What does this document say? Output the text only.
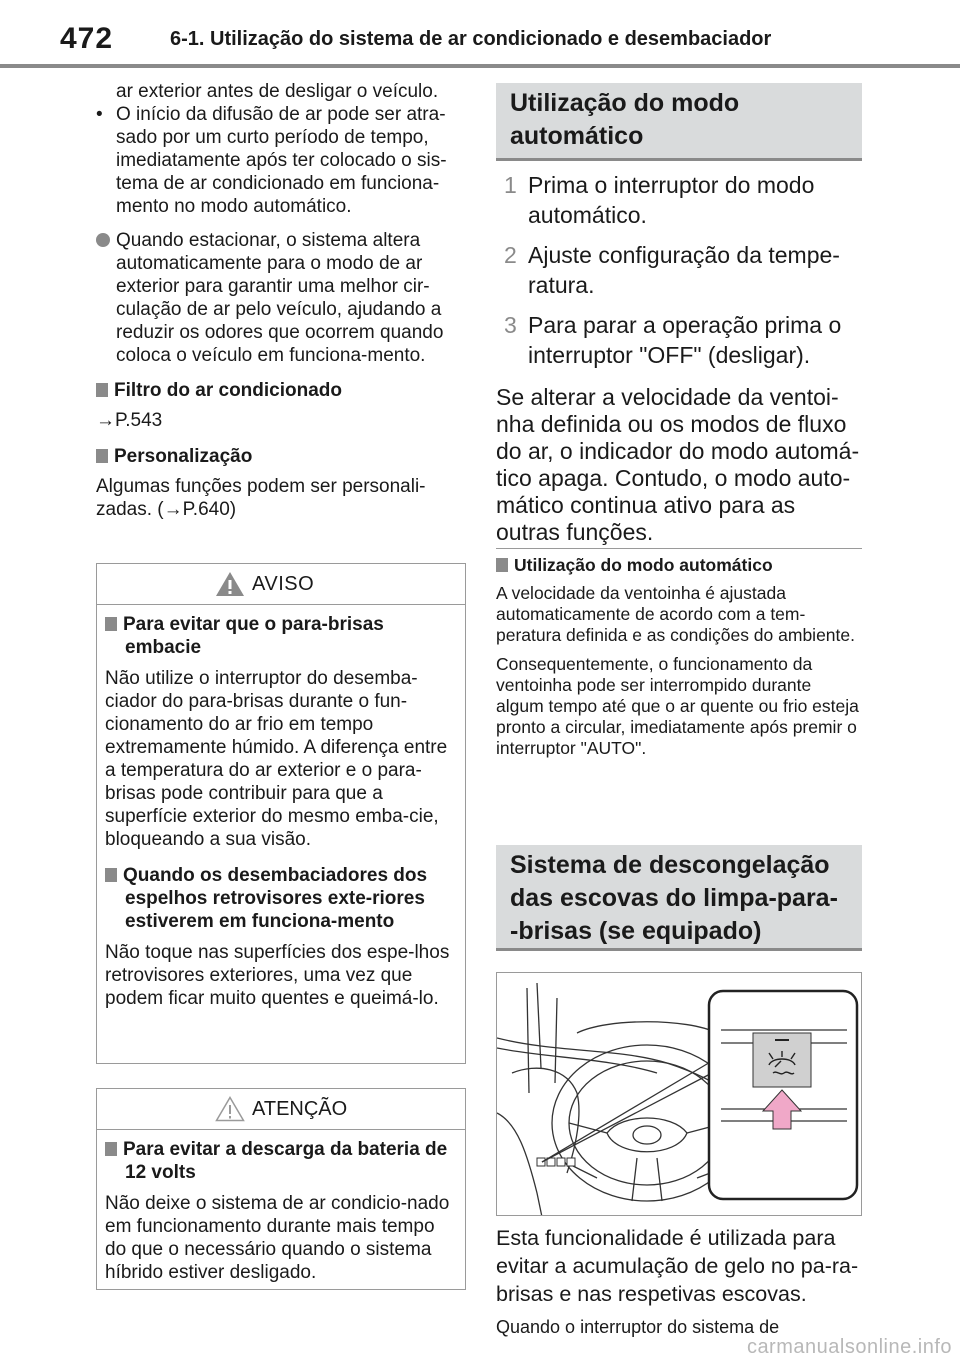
472	6-1. Utilização do sistema de ar condicionado e desembaciador

ar exterior antes de desligar o veículo.

• O início da difusão de ar pode ser atra-sado por um curto período de tempo, imediatamente após ter colocado o sis-tema de ar condicionado em funciona-mento no modo automático.

Quando estacionar, o sistema altera automaticamente para o modo de ar exterior para garantir uma melhor cir-culação de ar pelo veículo, ajudando a reduzir os odores que ocorrem quando coloca o veículo em funciona-mento.

Filtro do ar condicionado

→P.543

Personalização

Algumas funções podem ser personali-zadas. (→P.640)

AVISO

Para evitar que o para-brisas embacie

Não utilize o interruptor do desemba-ciador do para-brisas durante o fun-cionamento do ar frio em tempo extremamente húmido. A diferença entre a temperatura do ar exterior e o para-brisas pode contribuir para que a superfície exterior do mesmo emba-cie, bloqueando a sua visão.

Quando os desembaciadores dos espelhos retrovisores exte-riores estiverem em funciona-mento

Não toque nas superfícies dos espe-lhos retrovisores exteriores, uma vez que podem ficar muito quentes e queimá-lo.

ATENÇÃO

Para evitar a descarga da bateria de 12 volts

Não deixe o sistema de ar condicio-nado em funcionamento durante mais tempo do que o necessário quando o sistema híbrido estiver desligado.

Utilização do modo
automático
1 Prima o interruptor do modo automático.
2 Ajuste configuração da tempe-ratura.
3 Para parar a operação prima o interruptor "OFF" (desligar).

Se alterar a velocidade da ventoi-nha definida ou os modos de fluxo do ar, o indicador do modo automá-tico apaga. Contudo, o modo auto-mático continua ativo para as outras funções.

Utilização do modo automático

A velocidade da ventoinha é ajustada automaticamente de acordo com a tem-peratura definida e as condições do ambiente.

Consequentemente, o funcionamento da ventoinha pode ser interrompido durante algum tempo até que o ar quente ou frio esteja pronto a circular, imediatamente após premir o interruptor "AUTO".

Sistema de descongelação
das escovas do limpa-para-
-brisas (se equipado)
Esta funcionalidade é utilizada para evitar a acumulação de gelo no pa-ra-brisas e nas respetivas escovas.
Quando o interruptor do sistema de
carmanualsonline.info
